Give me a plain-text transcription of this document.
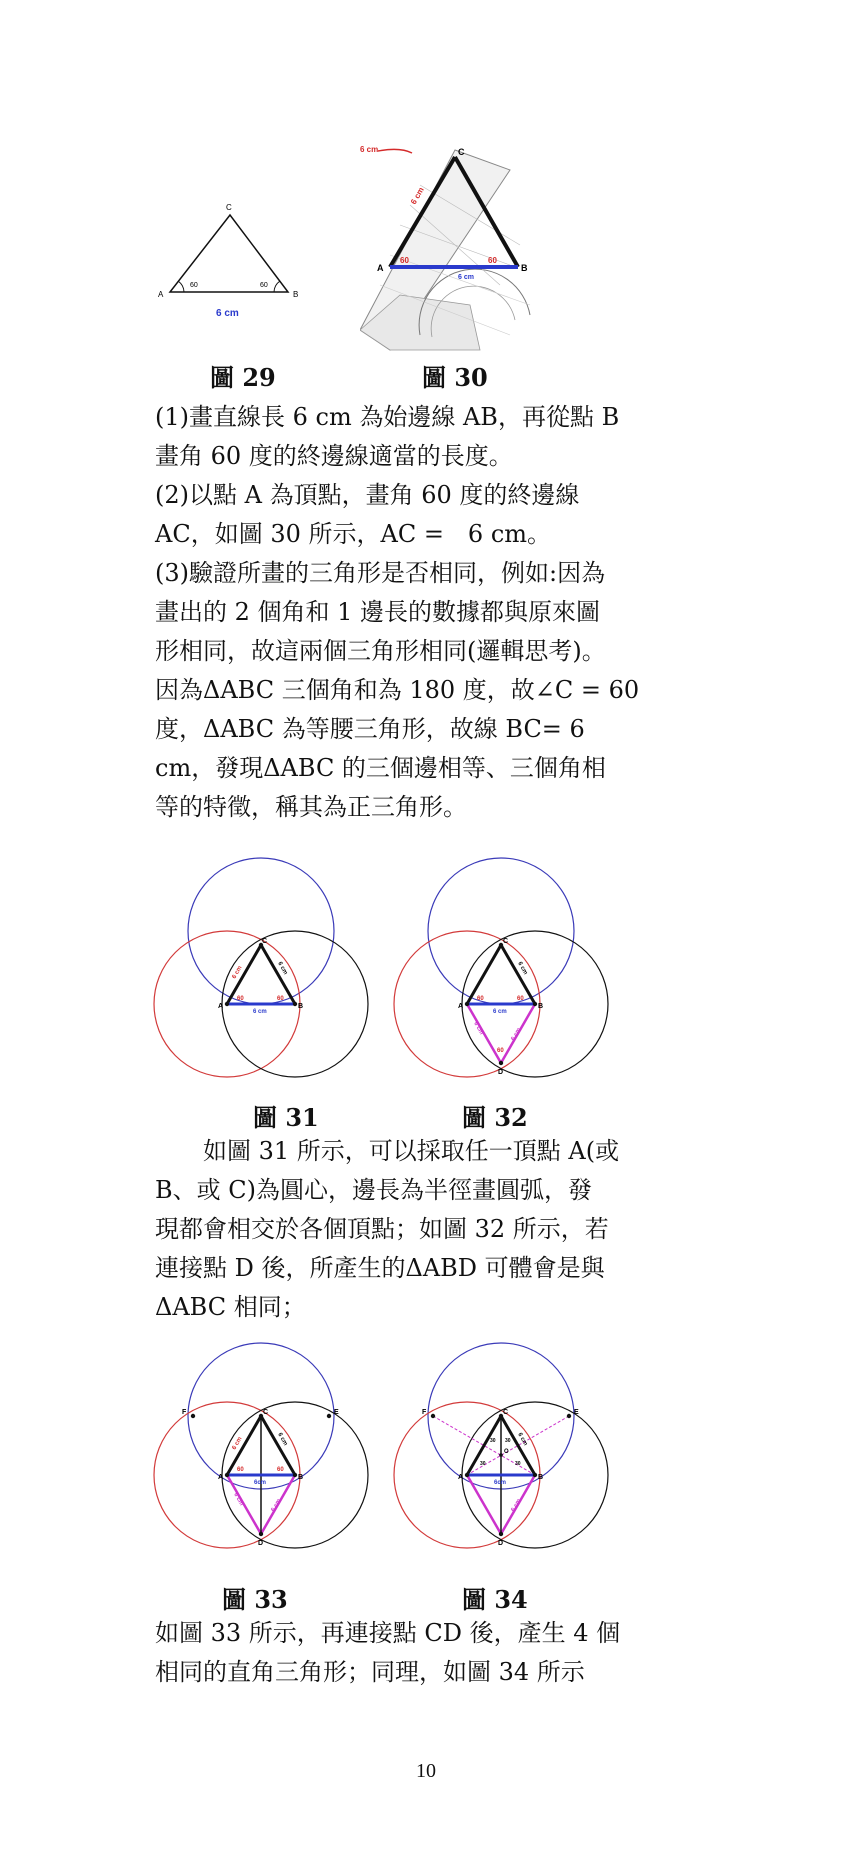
C
A	B
60	60
6 cm
圖 29
6 cm
6 cm
C
A	B
60	60
6 cm
圖 30
(1)畫直線長 6 cm 為始邊線 AB，再從點 B
畫角 60 度的終邊線適當的長度。
(2)以點 A 為頂點，畫角 60 度的終邊線
AC，如圖 30 所示，AC =　6 cm。
(3)驗證所畫的三角形是否相同，例如:因為
畫出的 2 個角和 1 邊長的數據都與原來圖
形相同，故這兩個三角形相同(邏輯思考)。
因為ΔABC 三個角和為 180 度，故∠C = 60
度，ΔABC 為等腰三角形，故線 BC= 6
cm，發現ΔABC 的三個邊相等、三個角相
等的特徵，稱其為正三角形。
C
A	B
6 cm	6 cm
60	60
6 cm
圖 31
C
A	B
D
6 cm
60	60
6 cm
6 cm	6 cm
60
圖 32
　　如圖 31 所示，可以採取任一頂點 A(或
B、或 C)為圓心，邊長為半徑畫圓弧，發
現都會相交於各個頂點；如圖 32 所示，若
連接點 D 後，所產生的ΔABD 可體會是與
ΔABC 相同；
C
A	B
D
E
F
6 cm	6 cm
60	60
6cm
6 cm	6 cm
圖 33
C
A	B
D
E
F
O
6 cm
30 30
30	30
6cm
6 cm
圖 34
如圖 33 所示，再連接點 CD 後，產生 4 個
相同的直角三角形；同理，如圖 34 所示
10
